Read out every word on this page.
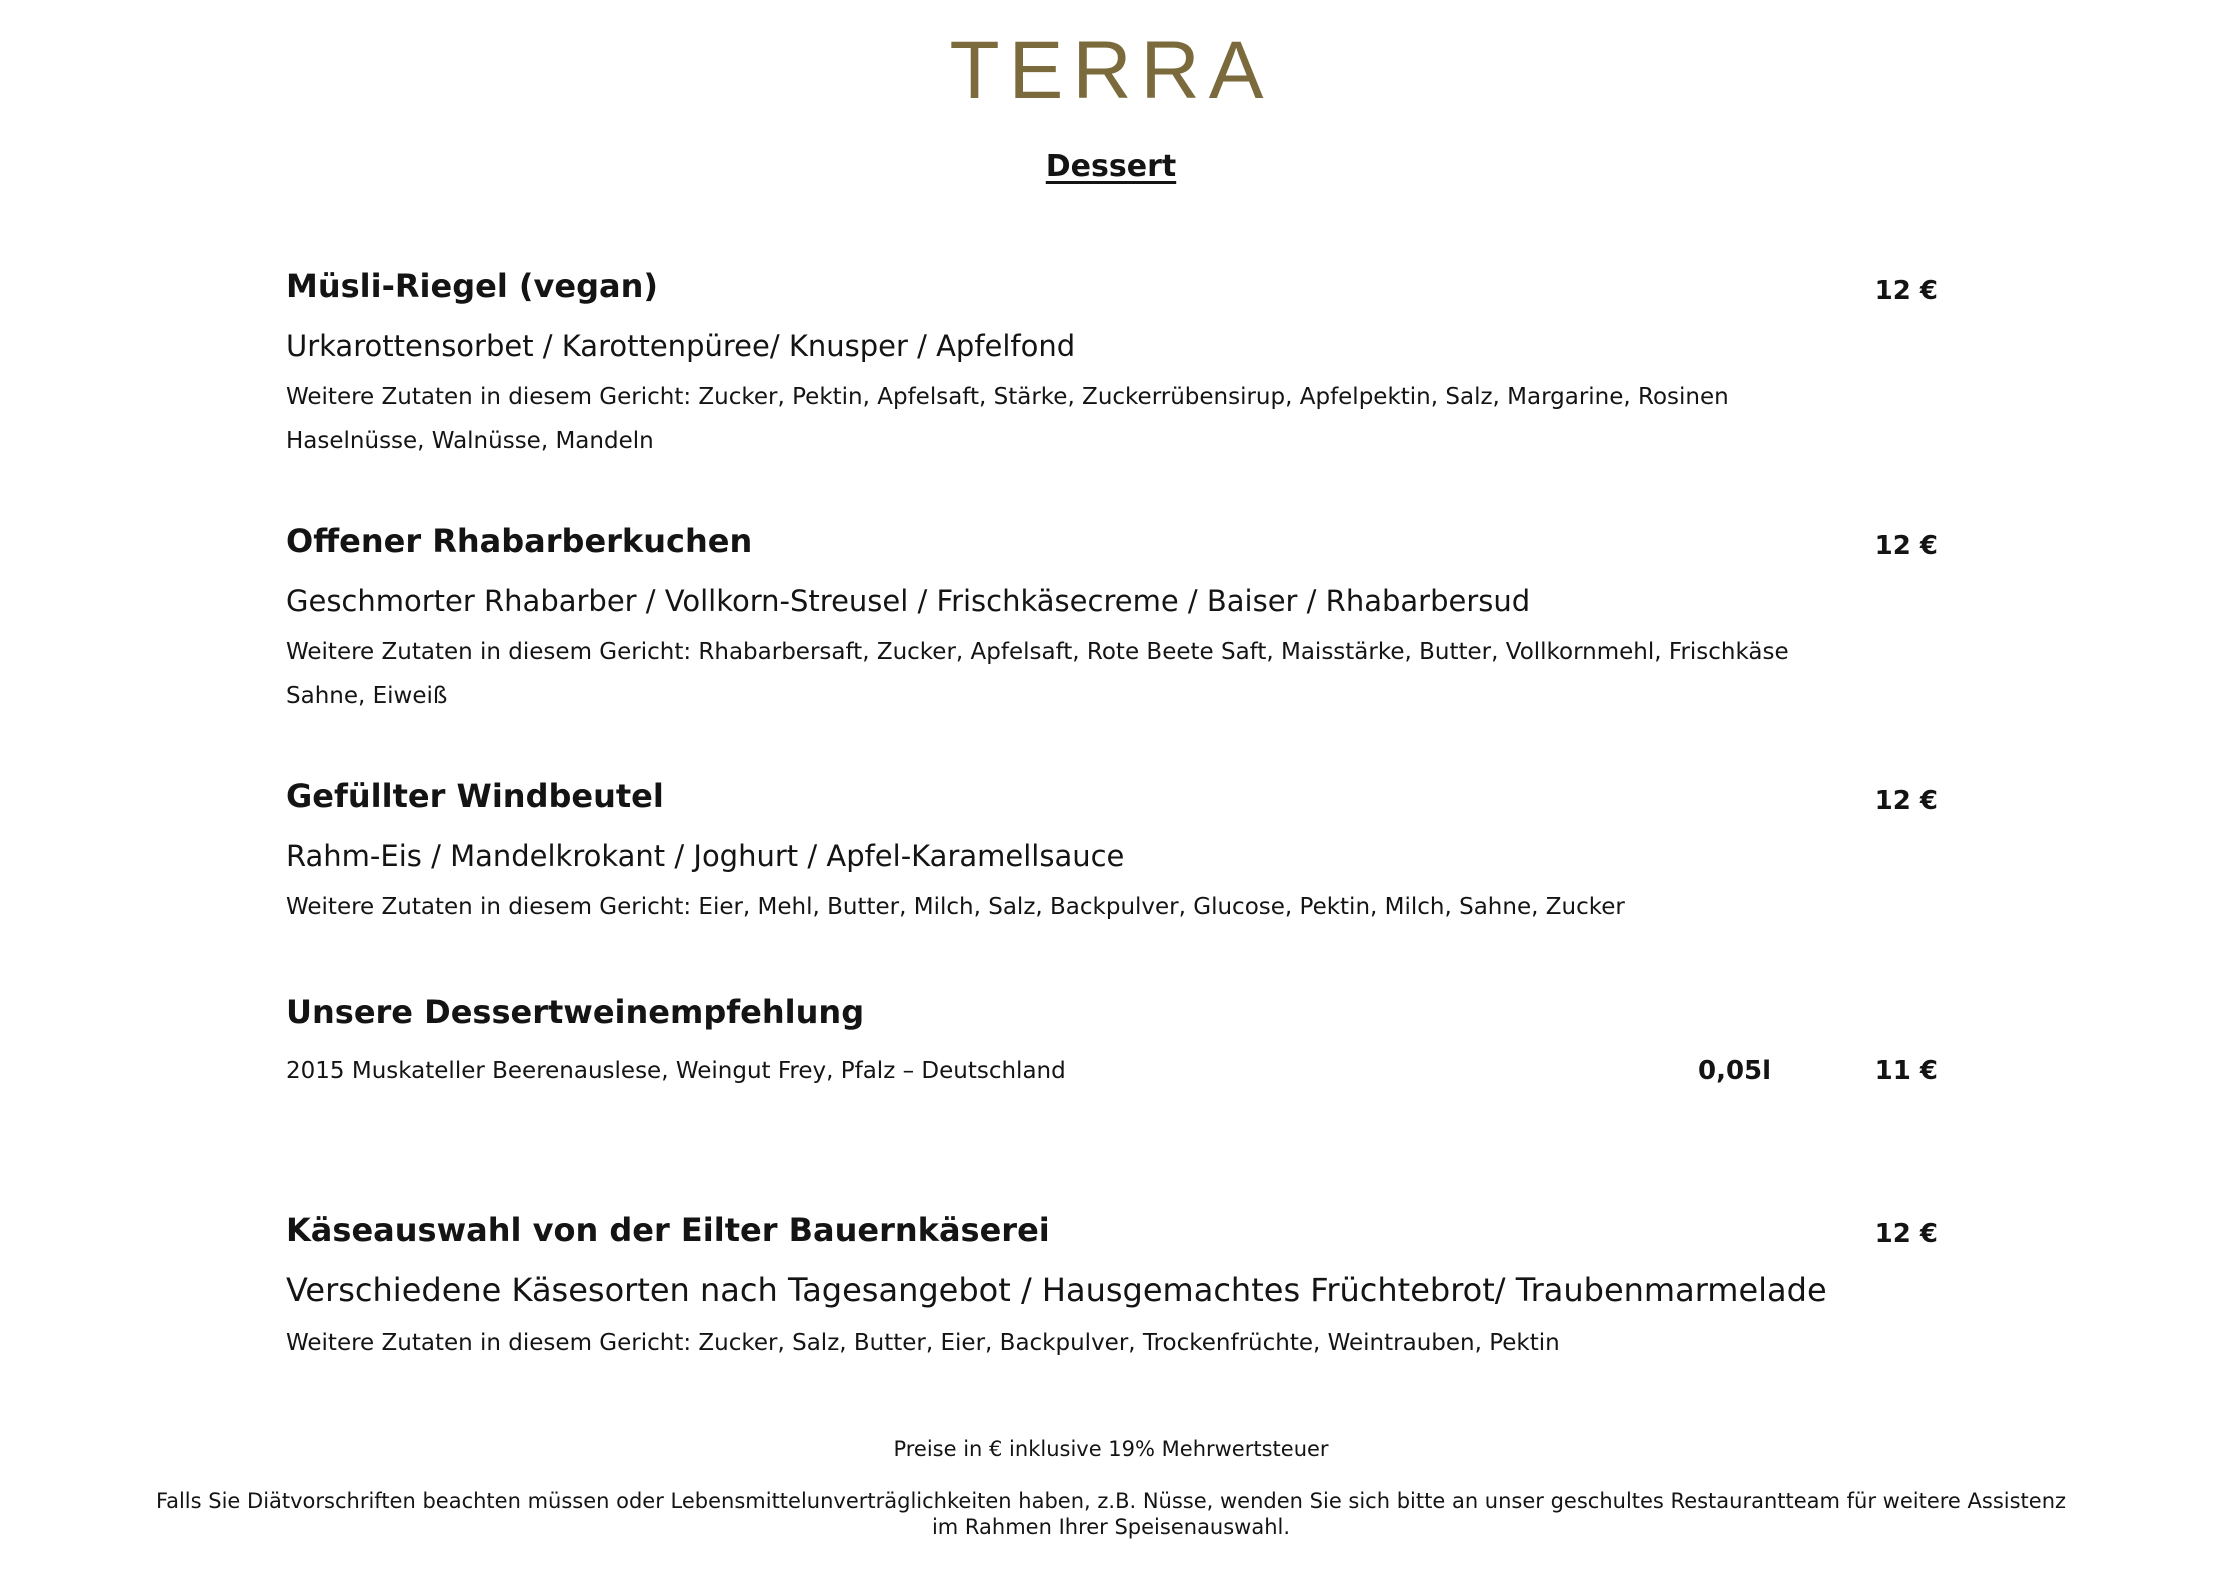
TERRA
Dessert
Müsli-Riegel (vegan)	12 €
Urkarottensorbet / Karottenpüree/ Knusper / Apfelfond
Weitere Zutaten in diesem Gericht: Zucker, Pektin, Apfelsaft, Stärke, Zuckerrübensirup, Apfelpektin, Salz, Margarine, Rosinen
Haselnüsse, Walnüsse, Mandeln
Offener Rhabarberkuchen	12 €
Geschmorter Rhabarber / Vollkorn-Streusel / Frischkäsecreme / Baiser / Rhabarbersud
Weitere Zutaten in diesem Gericht: Rhabarbersaft, Zucker, Apfelsaft, Rote Beete Saft, Maisstärke, Butter, Vollkornmehl, Frischkäse
Sahne, Eiweiß
Gefüllter Windbeutel	12 €
Rahm-Eis / Mandelkrokant / Joghurt / Apfel-Karamellsauce
Weitere Zutaten in diesem Gericht: Eier, Mehl, Butter, Milch, Salz, Backpulver, Glucose, Pektin, Milch, Sahne, Zucker
Unsere Dessertweinempfehlung
2015 Muskateller Beerenauslese, Weingut Frey, Pfalz – Deutschland	0,05l	11 €
Käseauswahl von der Eilter Bauernkäserei	12 €
Verschiedene Käsesorten nach Tagesangebot / Hausgemachtes Früchtebrot/ Traubenmarmelade
Weitere Zutaten in diesem Gericht: Zucker, Salz, Butter, Eier, Backpulver, Trockenfrüchte, Weintrauben, Pektin
Preise in € inklusive 19% Mehrwertsteuer
Falls Sie Diätvorschriften beachten müssen oder Lebensmittelunverträglichkeiten haben, z.B. Nüsse, wenden Sie sich bitte an unser geschultes Restaurantteam für weitere Assistenz
im Rahmen Ihrer Speisenauswahl.
